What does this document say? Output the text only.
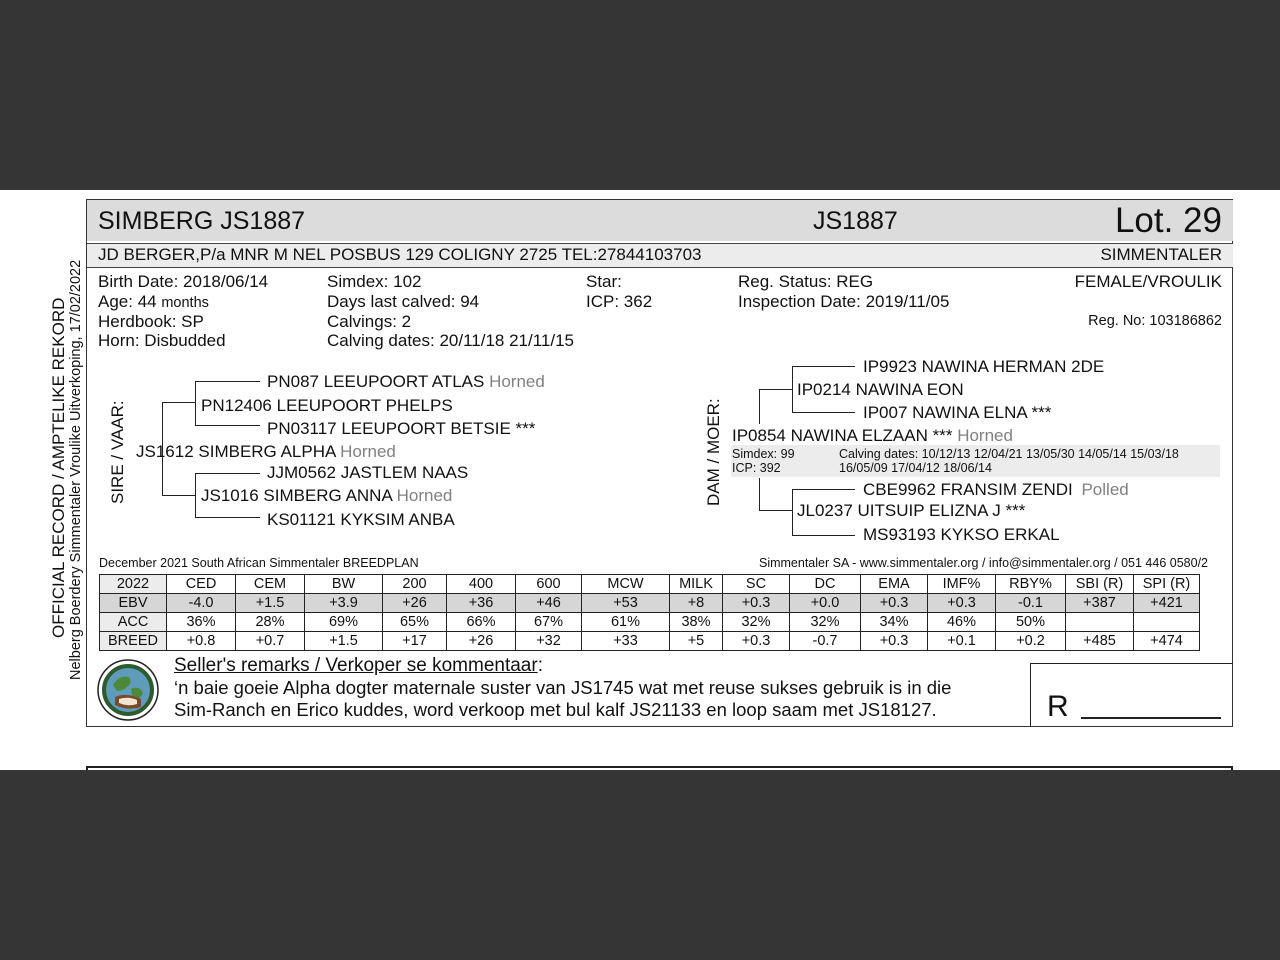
OFFICIAL RECORD / AMPTELIKE REKORD Nelberg Boerdery Simmentaler Vroulike Uitverkoping, 17/02/2022
SIMBERG JS1887	JS1887	Lot. 29
JD BERGER,P/a MNR M NEL POSBUS 129 COLIGNY 2725 TEL:27844103703	SIMMENTALER
Birth Date: 2018/06/14
Age: 44 months
Herdbook: SP
Horn: Disbudded
Simdex: 102
Days last calved: 94
Calvings: 2
Calving dates: 20/11/18 21/11/15
Star:
ICP: 362
Reg. Status: REG
Inspection Date: 2019/11/05
FEMALE/VROULIK
Reg. No: 103186862
SIRE / VAAR:
PN087 LEEUPOORT ATLAS Horned
PN12406 LEEUPOORT PHELPS
PN03117 LEEUPOORT BETSIE ***
JS1612 SIMBERG ALPHA Horned
JJM0562 JASTLEM NAAS
JS1016 SIMBERG ANNA Horned
KS01121 KYKSIM ANBA
DAM / MOER:
IP9923 NAWINA HERMAN 2DE
IP0214 NAWINA EON
IP007 NAWINA ELNA ***
IP0854 NAWINA ELZAAN *** Horned
Simdex: 99
ICP: 392
Calving dates: 10/12/13 12/04/21 13/05/30 14/05/14 15/03/18
16/05/09 17/04/12 18/06/14
CBE9962 FRANSIM ZENDI Polled
JL0237 UITSUIP ELIZNA J ***
MS93193 KYKSO ERKAL
December 2021 South African Simmentaler BREEDPLAN	Simmentaler SA - www.simmentaler.org / info@simmentaler.org / 051 446 0580/2
2022	CED	CEM	BW	200	400	600	MCW	MILK	SC	DC	EMA	IMF%	RBY%	SBI (R)	SPI (R)
EBV	-4.0	+1.5	+3.9	+26	+36	+46	+53	+8	+0.3	+0.0	+0.3	+0.3	-0.1	+387	+421
ACC	36%	28%	69%	65%	66%	67%	61%	38%	32%	32%	34%	46%	50%		
BREED	+0.8	+0.7	+1.5	+17	+26	+32	+33	+5	+0.3	-0.7	+0.3	+0.1	+0.2	+485	+474
Seller's remarks / Verkoper se kommentaar:
‘n baie goeie Alpha dogter maternale suster van JS1745 wat met reuse sukses gebruik is in die
Sim-Ranch en Erico kuddes, word verkoop met bul kalf JS21133 en loop saam met JS18127.	R
